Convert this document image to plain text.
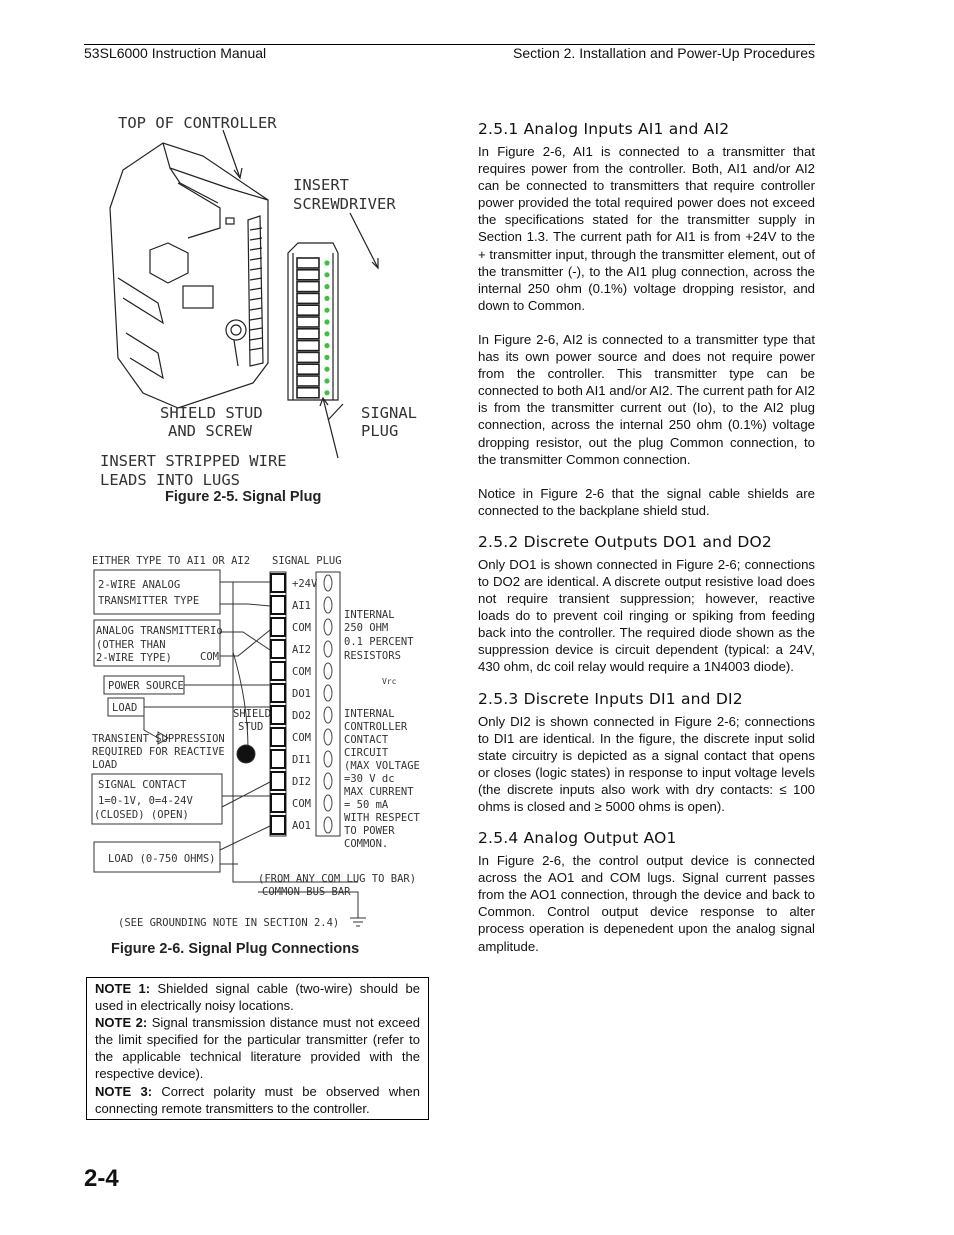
53SL6000 Instruction Manual	Section 2. Installation and Power-Up Procedures
TOP OF CONTROLLER
INSERT
SCREWDRIVER
SHIELD STUD
AND SCREW
SIGNAL
PLUG
INSERT STRIPPED WIRE
LEADS INTO LUGS
Figure 2-5. Signal Plug
+24V
AI1
COM
AI2
COM
DO1
DO2
COM
DI1
DI2
COM
AO1
EITHER TYPE TO AI1 OR AI2 SIGNAL PLUG
2-WIRE ANALOG
TRANSMITTER TYPE
ANALOG TRANSMITTER
(OTHER THAN
2-WIRE TYPE)
Io
COM
POWER SOURCE
LOAD	SHIELD
STUD
TRANSIENT SUPPRESSION
REQUIRED FOR REACTIVE
LOAD
SIGNAL CONTACT
1=0-1V, 0=4-24V
(CLOSED) (OPEN)
LOAD (0-750 OHMS)
(FROM ANY COM LUG TO BAR)
COMMON BUS BAR
(SEE GROUNDING NOTE IN SECTION 2.4)
INTERNAL
250 OHM
0.1 PERCENT
RESISTORS
Vrc
INTERNAL
CONTROLLER
CONTACT
CIRCUIT
(MAX VOLTAGE
=30 V dc
MAX CURRENT
= 50 mA
WITH RESPECT
TO POWER
COMMON.
Figure 2-6. Signal Plug Connections
NOTE 1: Shielded signal cable (two-wire) should be used in electrically noisy locations.
NOTE 2: Signal transmission distance must not exceed the limit specified for the particular transmitter (refer to the applicable technical literature provided with the respective device).
NOTE 3: Correct polarity must be observed when connecting remote transmitters to the controller.
2.5.1 Analog Inputs AI1 and AI2

In Figure 2-6, AI1 is connected to a transmitter that requires power from the controller. Both, AI1 and/or AI2 can be connected to transmitters that require controller power provided the total required power does not exceed the specifications stated for the transmitter supply in Section 1.3. The current path for AI1 is from +24V to the + transmitter input, through the transmitter element, out of the transmitter (-), to the AI1 plug connection, across the internal 250 ohm (0.1%) voltage dropping resistor, and down to Common.

In Figure 2-6, AI2 is connected to a transmitter type that has its own power source and does not require power from the controller. This transmitter type can be connected to both AI1 and/or AI2. The current path for AI2 is from the transmitter current out (Io), to the AI2 plug connection, across the internal 250 ohm (0.1%) voltage dropping resistor, out the plug Common connection, to the transmitter Common connection.

Notice in Figure 2-6 that the signal cable shields are connected to the backplane shield stud.

2.5.2 Discrete Outputs DO1 and DO2

Only DO1 is shown connected in Figure 2-6; connections to DO2 are identical. A discrete output resistive load does not require transient suppression; however, reactive loads do to prevent coil ringing or spiking from feeding back into the controller. The required diode shown as the suppression device is circuit dependent (typical: a 24V, 430 ohm, dc coil relay would require a 1N4003 diode).

2.5.3 Discrete Inputs DI1 and DI2

Only DI2 is shown connected in Figure 2-6; connections to DI1 are identical. In the figure, the discrete input solid state circuitry is depicted as a signal contact that opens or closes (logic states) in response to input voltage levels (the discrete inputs also work with dry contacts: ≤ 100 ohms is closed and ≥ 5000 ohms is open).

2.5.4 Analog Output AO1

In Figure 2-6, the control output device is connected across the AO1 and COM lugs. Signal current passes from the AO1 connection, through the device and back to Common. Control output device response to alter process operation is depenedent upon the analog signal amplitude.

2-4
